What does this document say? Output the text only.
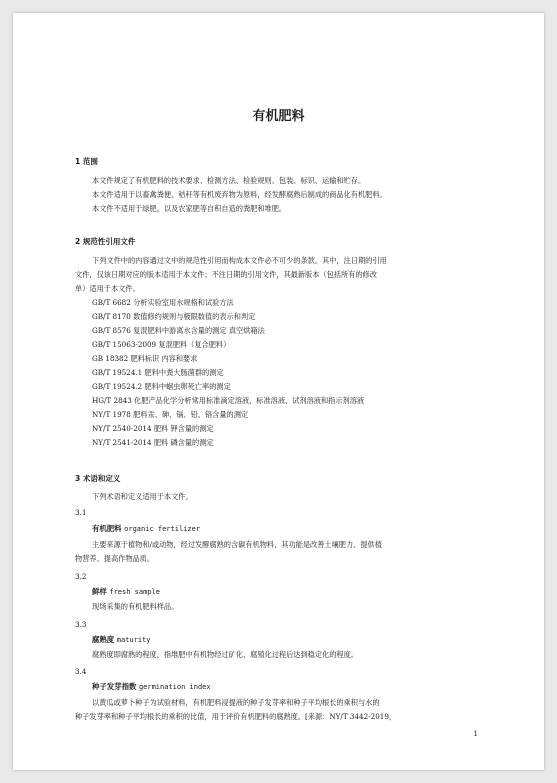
有机肥料
1 范围
本文件规定了有机肥料的技术要求、检测方法、检验规则、包装、标识、运输和贮存。
本文件适用于以畜禽粪便、秸秆等有机废弃物为原料，经发酵腐熟后制成的商品化有机肥料。
本文件不适用于绿肥，以及农家肥等自积自造的粪肥和堆肥。
2 规范性引用文件
下列文件中的内容通过文中的规范性引用而构成本文件必不可少的条款。其中，注日期的引用
文件，仅该日期对应的版本适用于本文件；不注日期的引用文件，其最新版本（包括所有的修改
单）适用于本文件。
GB/T 6682 分析实验室用水规格和试验方法
GB/T 8170 数值修约规则与极限数值的表示和判定
GB/T 8576 复混肥料中游离水含量的测定 真空烘箱法
GB/T 15063-2009 复混肥料（复合肥料）
GB 18382 肥料标识 内容和要求
GB/T 19524.1 肥料中粪大肠菌群的测定
GB/T 19524.2 肥料中蛔虫卵死亡率的测定
HG/T 2843 化肥产品化学分析常用标准滴定溶液、标准溶液、试剂溶液和指示剂溶液
NY/T 1978 肥料汞、砷、镉、铅、铬含量的测定
NY/T 2540-2014 肥料 钾含量的测定
NY/T 2541-2014 肥料 磷含量的测定
3 术语和定义
下列术语和定义适用于本文件。
3.1
有机肥料 organic fertilizer
主要来源于植物和/或动物，经过发酵腐熟的含碳有机物料，其功能是改善土壤肥力、提供植
物营养、提高作物品质。
3.2
鲜样 fresh sample
现场采集的有机肥料样品。
3.3
腐熟度 maturity
腐熟度即腐熟的程度，指堆肥中有机物经过矿化、腐殖化过程后达到稳定化的程度。
3.4
种子发芽指数 germination index
以黄瓜或萝卜种子为试验材料，有机肥料浸提液的种子发芽率和种子平均根长的乘积与水的
种子发芽率和种子平均根长的乘积的比值，用于评价有机肥料的腐熟度。[来源：NY/T 3442-2019，
1
